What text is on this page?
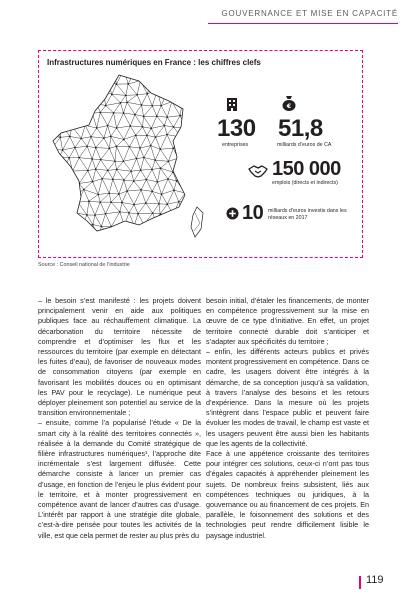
GOUVERNANCE ET MISE EN CAPACITÉ
Infrastructures numériques en France : les chiffres clefs
130
entreprises
€
51,8
milliards d’euros de CA
150 000
emplois (directs et indirects)
10 milliards d’euros investis dans les réseaux en 2017
Source : Conseil national de l’industrie

– le besoin s’est manifesté : les projets doivent principalement venir en aide aux politiques publiques face au réchauffement climatique. La décarbonation du territoire nécessite de comprendre et d’optimiser les flux et les ressources du territoire (par exemple en détectant les fuites d’eau), de favoriser de nouveaux modes de consommation citoyens (par exemple en favorisant les mobilités douces ou en optimisant les PAV pour le recyclage). Le numérique peut déployer pleinement son potentiel au service de la transition environnementale ;

– ensuite, comme l’a popularisé l’étude « De la smart city à la réalité des territoires connectés », réalisée à la demande du Comité stratégique de filière infrastructures numériques¹, l’approche dite incrémentale s’est largement diffusée. Cette démarche consiste à lancer un premier cas d’usage, en fonction de l’enjeu le plus évident pour le territoire, et à monter progressivement en compétence avant de lancer d’autres cas d’usage. L’intérêt par rapport à une stratégie dite globale, c’est-à-dire pensée pour toutes les activités de la ville, est que cela permet de rester au plus près du

besoin initial, d’étaler les financements, de monter en compétence progressivement sur la mise en œuvre de ce type d’initiative. En effet, un projet territoire connecté durable doit s’anticiper et s’adapter aux spécificités du territoire ;

– enfin, les différents acteurs publics et privés montent progressivement en compétence. Dans ce cadre, les usagers doivent être intégrés à la démarche, de sa conception jusqu’à sa validation, à travers l’analyse des besoins et les retours d’expérience. Dans la mesure où les projets s’intègrent dans l’espace public et peuvent faire évoluer les modes de travail, le champ est vaste et les usagers peuvent être aussi bien les habitants que les agents de la collectivité.

Face à une appétence croissante des territoires pour intégrer ces solutions, ceux-ci n’ont pas tous d’égales capacités à appréhender pleinement les sujets. De nombreux freins subsistent, liés aux compétences techniques ou juridiques, à la gouvernance ou au financement de ces projets. En parallèle, le foisonnement des solutions et des technologies peut rendre difficilement lisible le paysage industriel.

119
